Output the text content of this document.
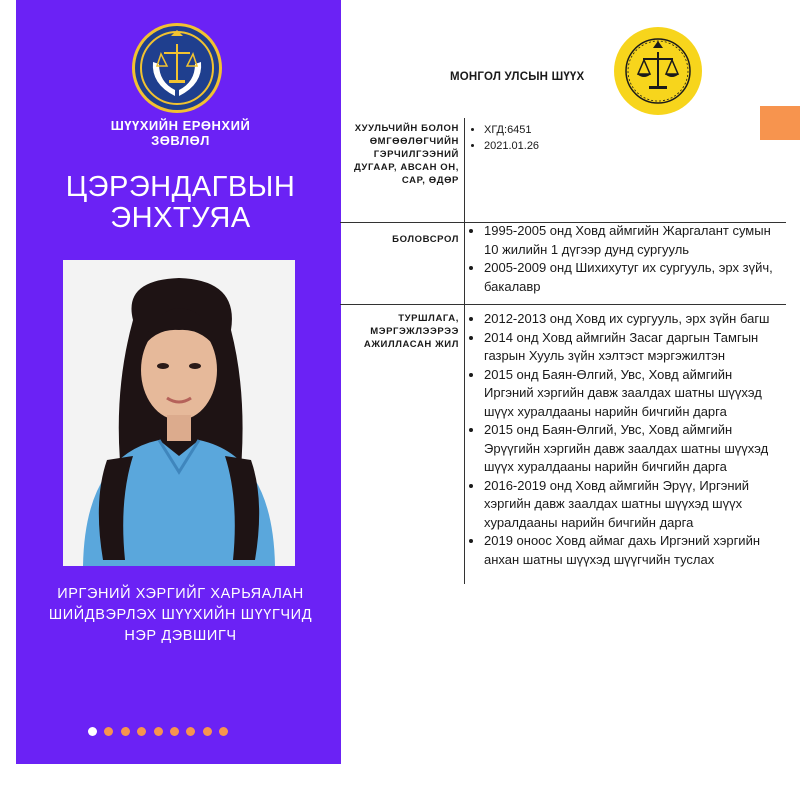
ШҮҮХИЙН ЕРӨНХИЙ
ЗӨВЛӨЛ
ЦЭРЭНДАГВЫН
ЭНХТУЯА
ИРГЭНИЙ ХЭРГИЙГ ХАРЬЯАЛАН
ШИЙДВЭРЛЭХ ШҮҮХИЙН ШҮҮГЧИД
НЭР ДЭВШИГЧ
МОНГОЛ УЛСЫН ШҮҮХ
ХУУЛЬЧИЙН БОЛОН
ӨМГӨӨЛӨГЧИЙН
ГЭРЧИЛГЭЭНИЙ
ДУГААР, АВСАН ОН,
САР, ӨДӨР
• ХГД:6451
• 2021.01.26
БОЛОВСРОЛ
• 1995-2005 онд Ховд аймгийн Жаргалант сумын 10 жилийн 1 дүгээр дунд сургууль
• 2005-2009 онд Шихихутуг их сургууль, эрх зүйч, бакалавр
ТУРШЛАГА,
МЭРГЭЖЛЭЭРЭЭ
АЖИЛЛАСАН ЖИЛ
• 2012-2013 онд Ховд их сургууль, эрх зүйн багш
• 2014 онд Ховд аймгийн Засаг даргын Тамгын газрын Хууль зүйн хэлтэст мэргэжилтэн
• 2015 онд Баян-Өлгий, Увс, Ховд аймгийн Иргэний хэргийн давж заалдах шатны шүүхэд шүүх хуралдааны нарийн бичгийн дарга
• 2015 онд Баян-Өлгий, Увс, Ховд аймгийн Эрүүгийн хэргийн давж заалдах шатны шүүхэд шүүх хуралдааны нарийн бичгийн дарга
• 2016-2019 онд Ховд аймгийн Эрүү, Иргэний хэргийн давж заалдах шатны шүүхэд шүүх хуралдааны нарийн бичгийн дарга
• 2019 оноос Ховд аймаг дахь Иргэний хэргийн анхан шатны шүүхэд шүүгчийн туслах
